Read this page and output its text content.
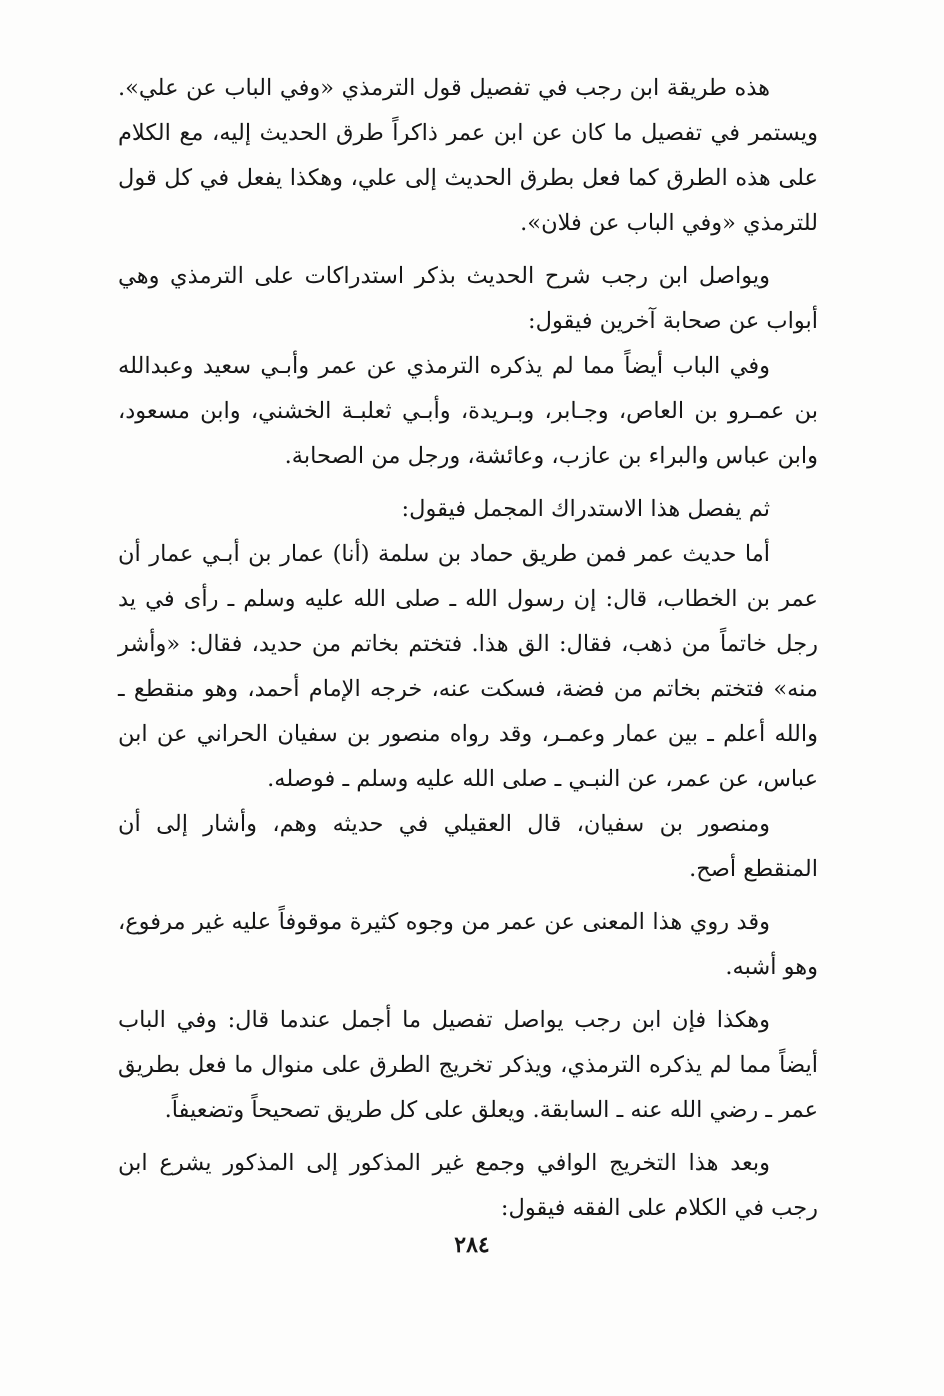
هذه طريقة ابن رجب في تفصيل قول الترمذي «وفي الباب عن علي». ويستمر في تفصيل ما كان عن ابن عمر ذاكراً طرق الحديث إليه، مع الكلام على هذه الطرق كما فعل بطرق الحديث إلى علي، وهكذا يفعل في كل قول للترمذي «وفي الباب عن فلان».

ويواصل ابن رجب شرح الحديث بذكر استدراكات على الترمذي وهي أبواب عن صحابة آخرين فيقول:

وفي الباب أيضاً مما لم يذكره الترمذي عن عمر وأبـي سعيد وعبدالله بن عمـرو بن العاص، وجـابر، وبـريدة، وأبـي ثعلبـة الخشني، وابن مسعود، وابن عباس والبراء بن عازب، وعائشة، ورجل من الصحابة.

ثم يفصل هذا الاستدراك المجمل فيقول:

أما حديث عمر فمن طريق حماد بن سلمة (أنا) عمار بن أبـي عمار أن عمر بن الخطاب، قال: إن رسول الله ـ صلى الله عليه وسلم ـ رأى في يد رجل خاتماً من ذهب، فقال: الق هذا. فتختم بخاتم من حديد، فقال: «وأشر منه» فتختم بخاتم من فضة، فسكت عنه، خرجه الإمام أحمد، وهو منقطع ـ والله أعلم ـ بين عمار وعمـر، وقد رواه منصور بن سفيان الحراني عن ابن عباس، عن عمر، عن النبـي ـ صلى الله عليه وسلم ـ فوصله.

ومنصور بن سفيان، قال العقيلي في حديثه وهم، وأشار إلى أن المنقطع أصح.

وقد روي هذا المعنى عن عمر من وجوه كثيرة موقوفاً عليه غير مرفوع، وهو أشبه.

وهكذا فإن ابن رجب يواصل تفصيل ما أجمل عندما قال: وفي الباب أيضاً مما لم يذكره الترمذي، ويذكر تخريج الطرق على منوال ما فعل بطريق عمر ـ رضي الله عنه ـ السابقة. ويعلق على كل طريق تصحيحاً وتضعيفاً.

وبعد هذا التخريج الوافي وجمع غير المذكور إلى المذكور يشرع ابن رجب في الكلام على الفقه فيقول:

٢٨٤
